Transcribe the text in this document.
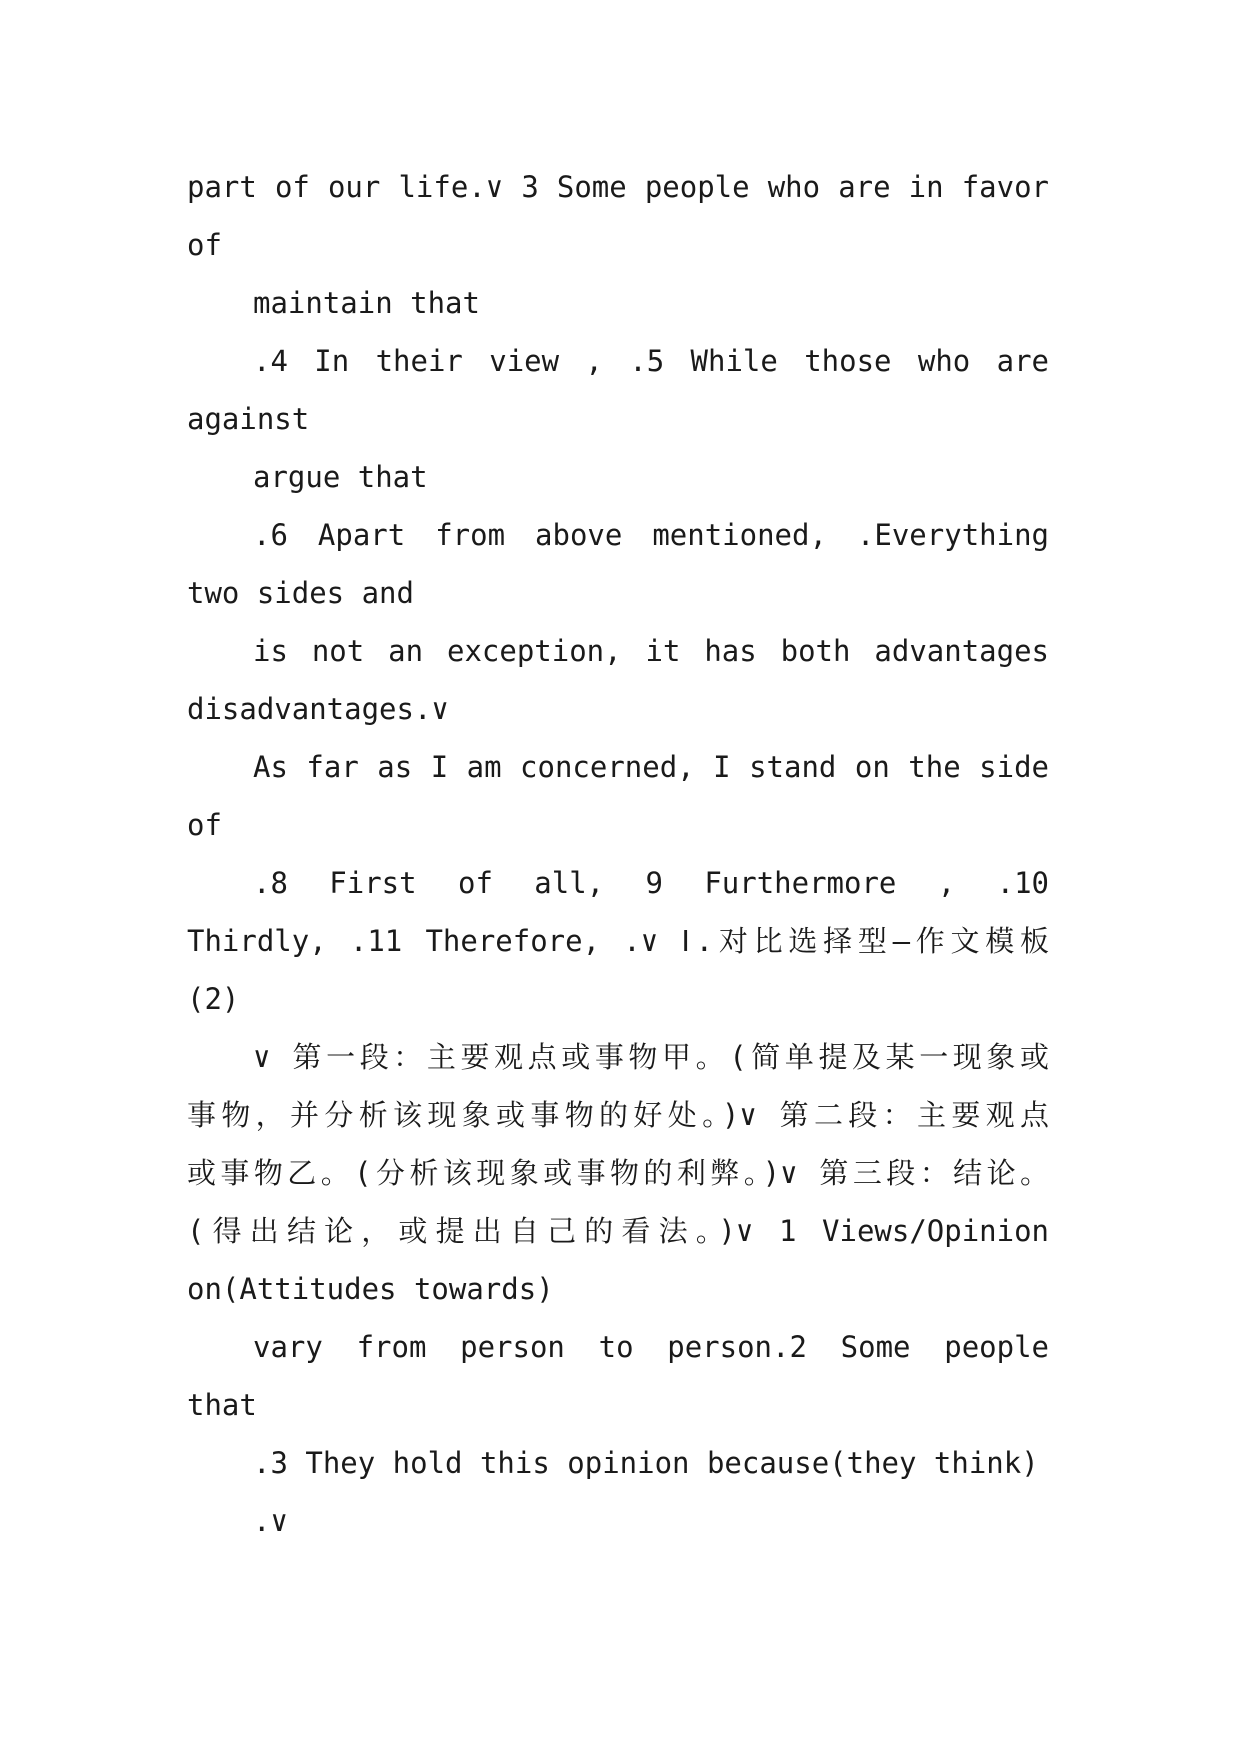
part of our life.∨ 3 Some people who are in favor
of
maintain that
.4 In their view , .5 While those who are
against
argue that
.6 Apart from above mentioned, .Everything
two sides and
is not an exception, it has both advantages
disadvantages.∨
As far as I am concerned, I stand on the side
of
.8 First of all, 9 Furthermore , .10
Thirdly, .11 Therefore, .∨ Ⅰ.对比选择型—作文模板
(2)
∨ 第一段：主要观点或事物甲。(简单提及某一现象或
事物，并分析该现象或事物的好处。)∨ 第二段：主要观点
或事物乙。(分析该现象或事物的利弊。)∨ 第三段：结论。
(得出结论，或提出自己的看法。)∨ 1 Views/Opinion
on(Attitudes towards)
vary from person to person.2 Some people
that
.3 They hold this opinion because(they think)
.∨
